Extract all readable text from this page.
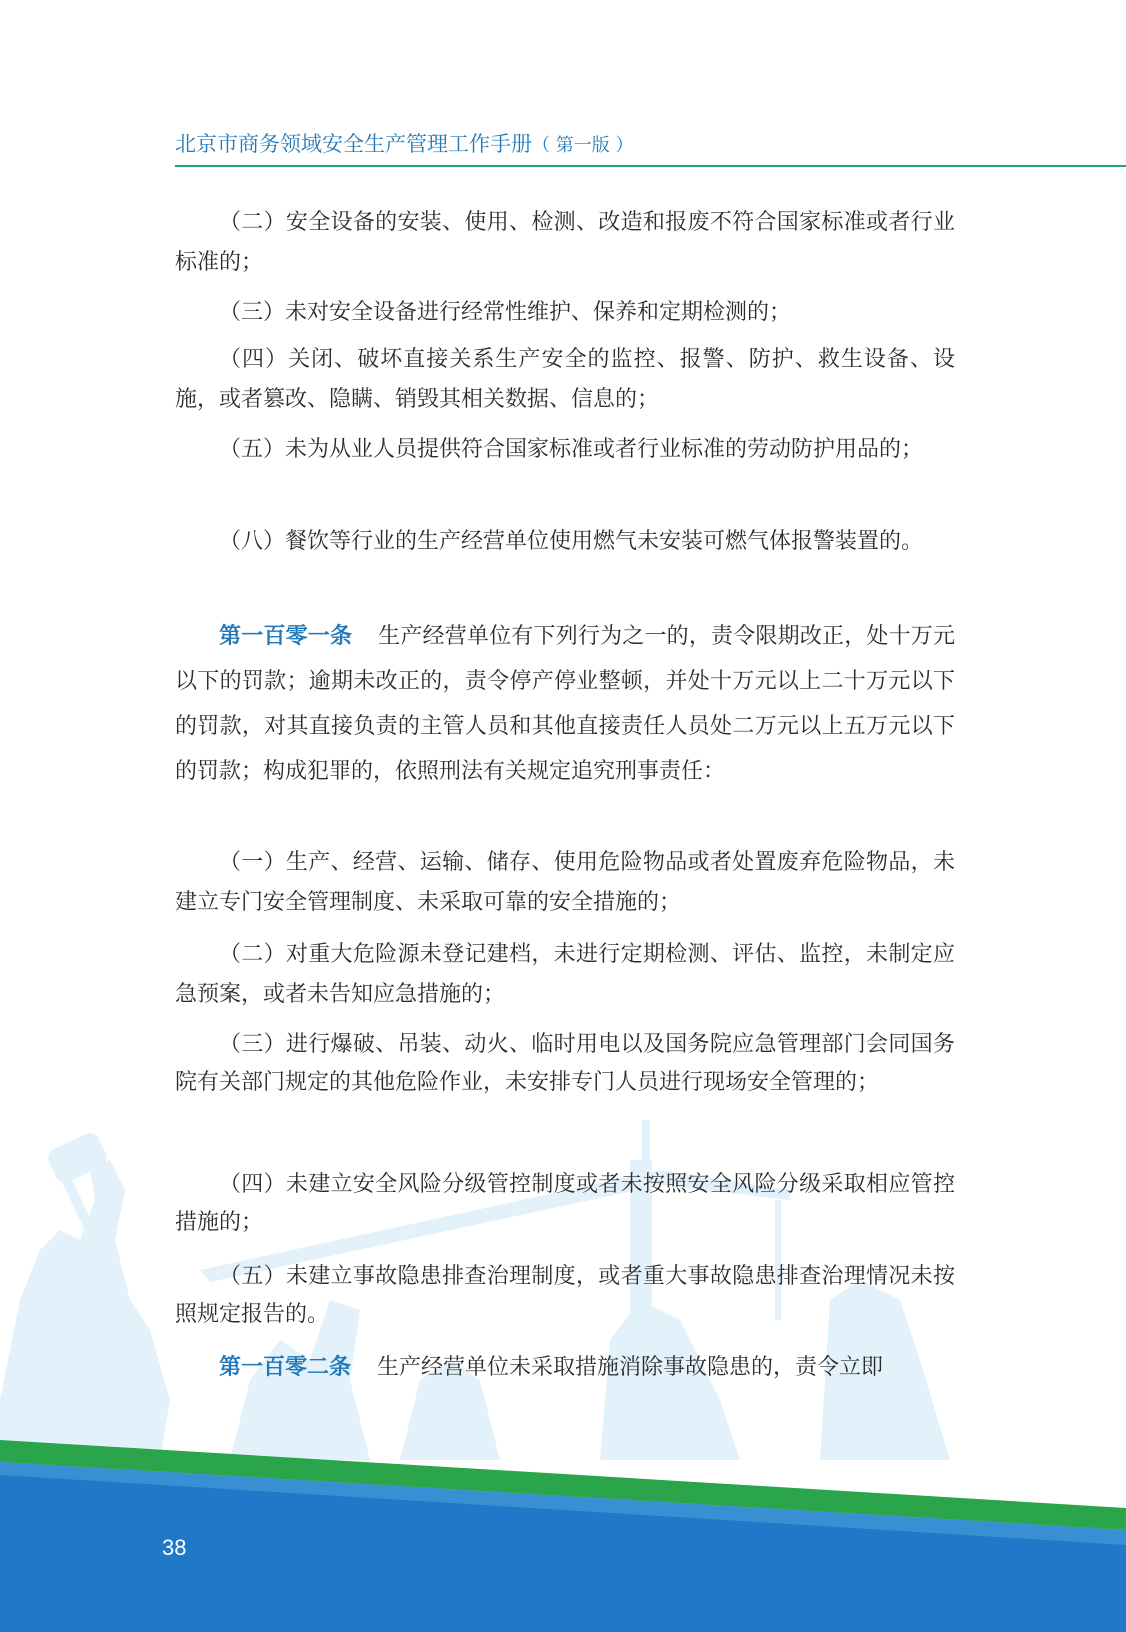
北京市商务领域安全生产管理工作手册（ 第一版 ）
（二）安全设备的安装、使用、检测、改造和报废不符合国家标准或者行业标准的；
（三）未对安全设备进行经常性维护、保养和定期检测的；
（四）关闭、破坏直接关系生产安全的监控、报警、防护、救生设备、设施，或者篡改、隐瞒、销毁其相关数据、信息的；
（五）未为从业人员提供符合国家标准或者行业标准的劳动防护用品的；
（八）餐饮等行业的生产经营单位使用燃气未安装可燃气体报警装置的。
第一百零一条 生产经营单位有下列行为之一的，责令限期改正，处十万元以下的罚款；逾期未改正的，责令停产停业整顿，并处十万元以上二十万元以下的罚款，对其直接负责的主管人员和其他直接责任人员处二万元以上五万元以下的罚款；构成犯罪的，依照刑法有关规定追究刑事责任：
（一）生产、经营、运输、储存、使用危险物品或者处置废弃危险物品，未建立专门安全管理制度、未采取可靠的安全措施的；
（二）对重大危险源未登记建档，未进行定期检测、评估、监控，未制定应急预案，或者未告知应急措施的；
（三）进行爆破、吊装、动火、临时用电以及国务院应急管理部门会同国务院有关部门规定的其他危险作业，未安排专门人员进行现场安全管理的；
（四）未建立安全风险分级管控制度或者未按照安全风险分级采取相应管控措施的；
（五）未建立事故隐患排查治理制度，或者重大事故隐患排查治理情况未按照规定报告的。
第一百零二条 生产经营单位未采取措施消除事故隐患的，责令立即
38
